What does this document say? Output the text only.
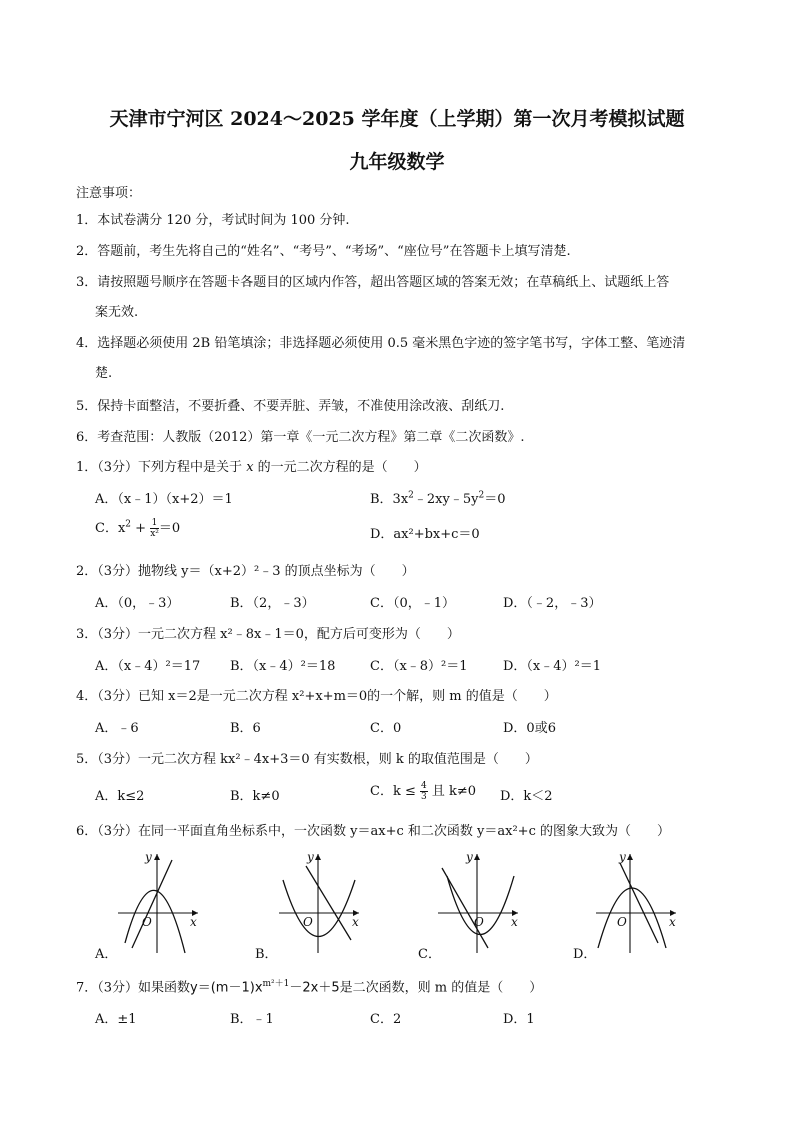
天津市宁河区 2024～2025 学年度（上学期）第一次月考模拟试题
九年级数学
注意事项：
1．本试卷满分 120 分，考试时间为 100 分钟.
2．答题前，考生先将自己的“姓名”、“考号”、“考场”、“座位号”在答题卡上填写清楚.
3．请按照题号顺序在答题卡各题目的区域内作答，超出答题区域的答案无效；在草稿纸上、试题纸上答
案无效.
4．选择题必须使用 2B 铅笔填涂；非选择题必须使用 0.5 毫米黑色字迹的签字笔书写，字体工整、笔迹清
楚.
5．保持卡面整洁，不要折叠、不要弄脏、弄皱，不准使用涂改液、刮纸刀.
6．考查范围：人教版（2012）第一章《一元二次方程》第二章《二次函数》.
1．（3分）下列方程中是关于 x 的一元二次方程的是（　　）
A．（x﹣1）（x+2）＝1	B．$3x^2﹣2xy﹣5y^2=0$
C．$x^2 + \frac{1}{\text{x²}} =0$	D．ax²+bx+c＝0
2．（3分）抛物线 y＝（x+2）²﹣3 的顶点坐标为（　　）
A．（0，﹣3）	B．（2，﹣3）	C．（0，﹣1）	D．（﹣2，﹣3）
3．（3分）一元二次方程 x²﹣8x﹣1＝0，配方后可变形为（　　）
A．（x﹣4）²＝17 B．（x﹣4）²＝18	C．（x﹣8）²＝1	D．（x﹣4）²＝1
4．（3分）已知 x＝2是一元二次方程 x²+x+m＝0的一个解，则 m 的值是（　　）
A．﹣6	B．6	C．0	D．0或6
5．（3分）一元二次方程 kx²﹣4x+3＝0 有实数根，则 k 的取值范围是（　　）
A．k≤2	B．k≠0	C．$k \le \frac{4}{3}$ 且 k≠0 D．k＜2
6．（3分）在同一平面直角坐标系中，一次函数 y＝ax+c 和二次函数 y＝ax²+c 的图象大致为（　　）
x
y
O	x
y
O	x
y
O	x
y
O
A．	B．	C．	D．
7．（3分）如果函数$y=(m-1)x^{m^2+1}-2x+5$是二次函数，则 m 的值是（　　）
A．±1	B．﹣1	C．2	D．1
